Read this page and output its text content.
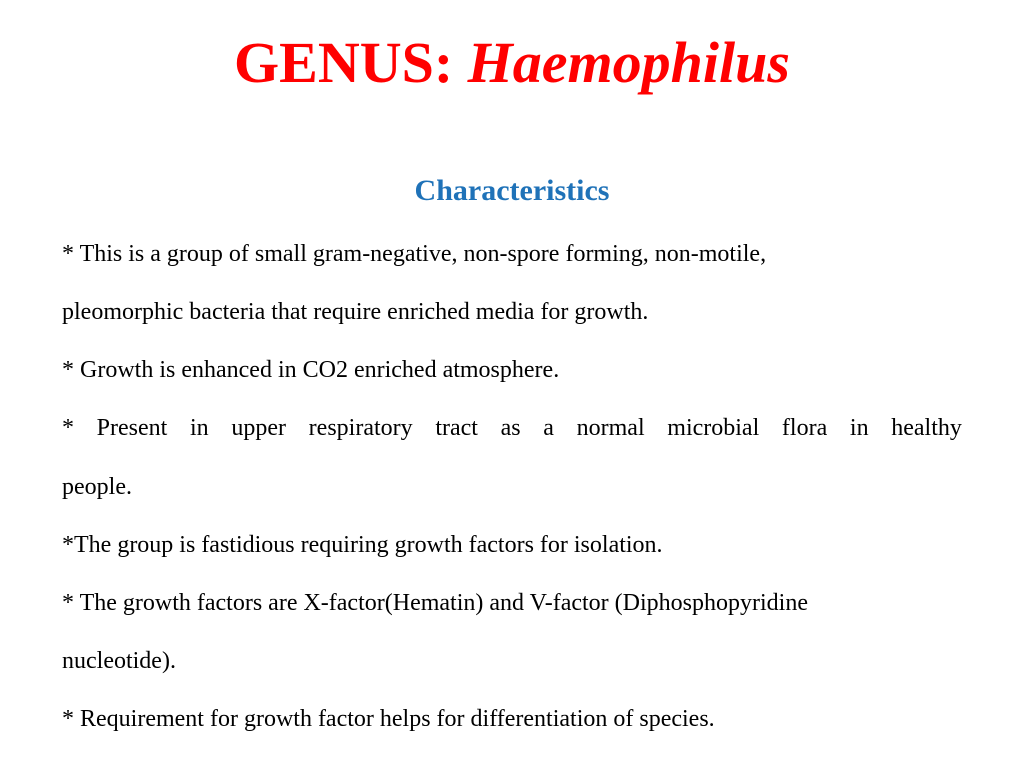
GENUS: Haemophilus
Characteristics
* This is a group of small gram-negative, non-spore forming, non-motile,
pleomorphic bacteria that require enriched media for growth.
* Growth is enhanced in CO2 enriched atmosphere.
* Present in upper respiratory tract as a normal microbial flora in healthy
people.
*The group is fastidious requiring growth factors for isolation.
* The growth factors are X-factor(Hematin) and V-factor (Diphosphopyridine
nucleotide).
* Requirement for growth factor helps for differentiation of species.
